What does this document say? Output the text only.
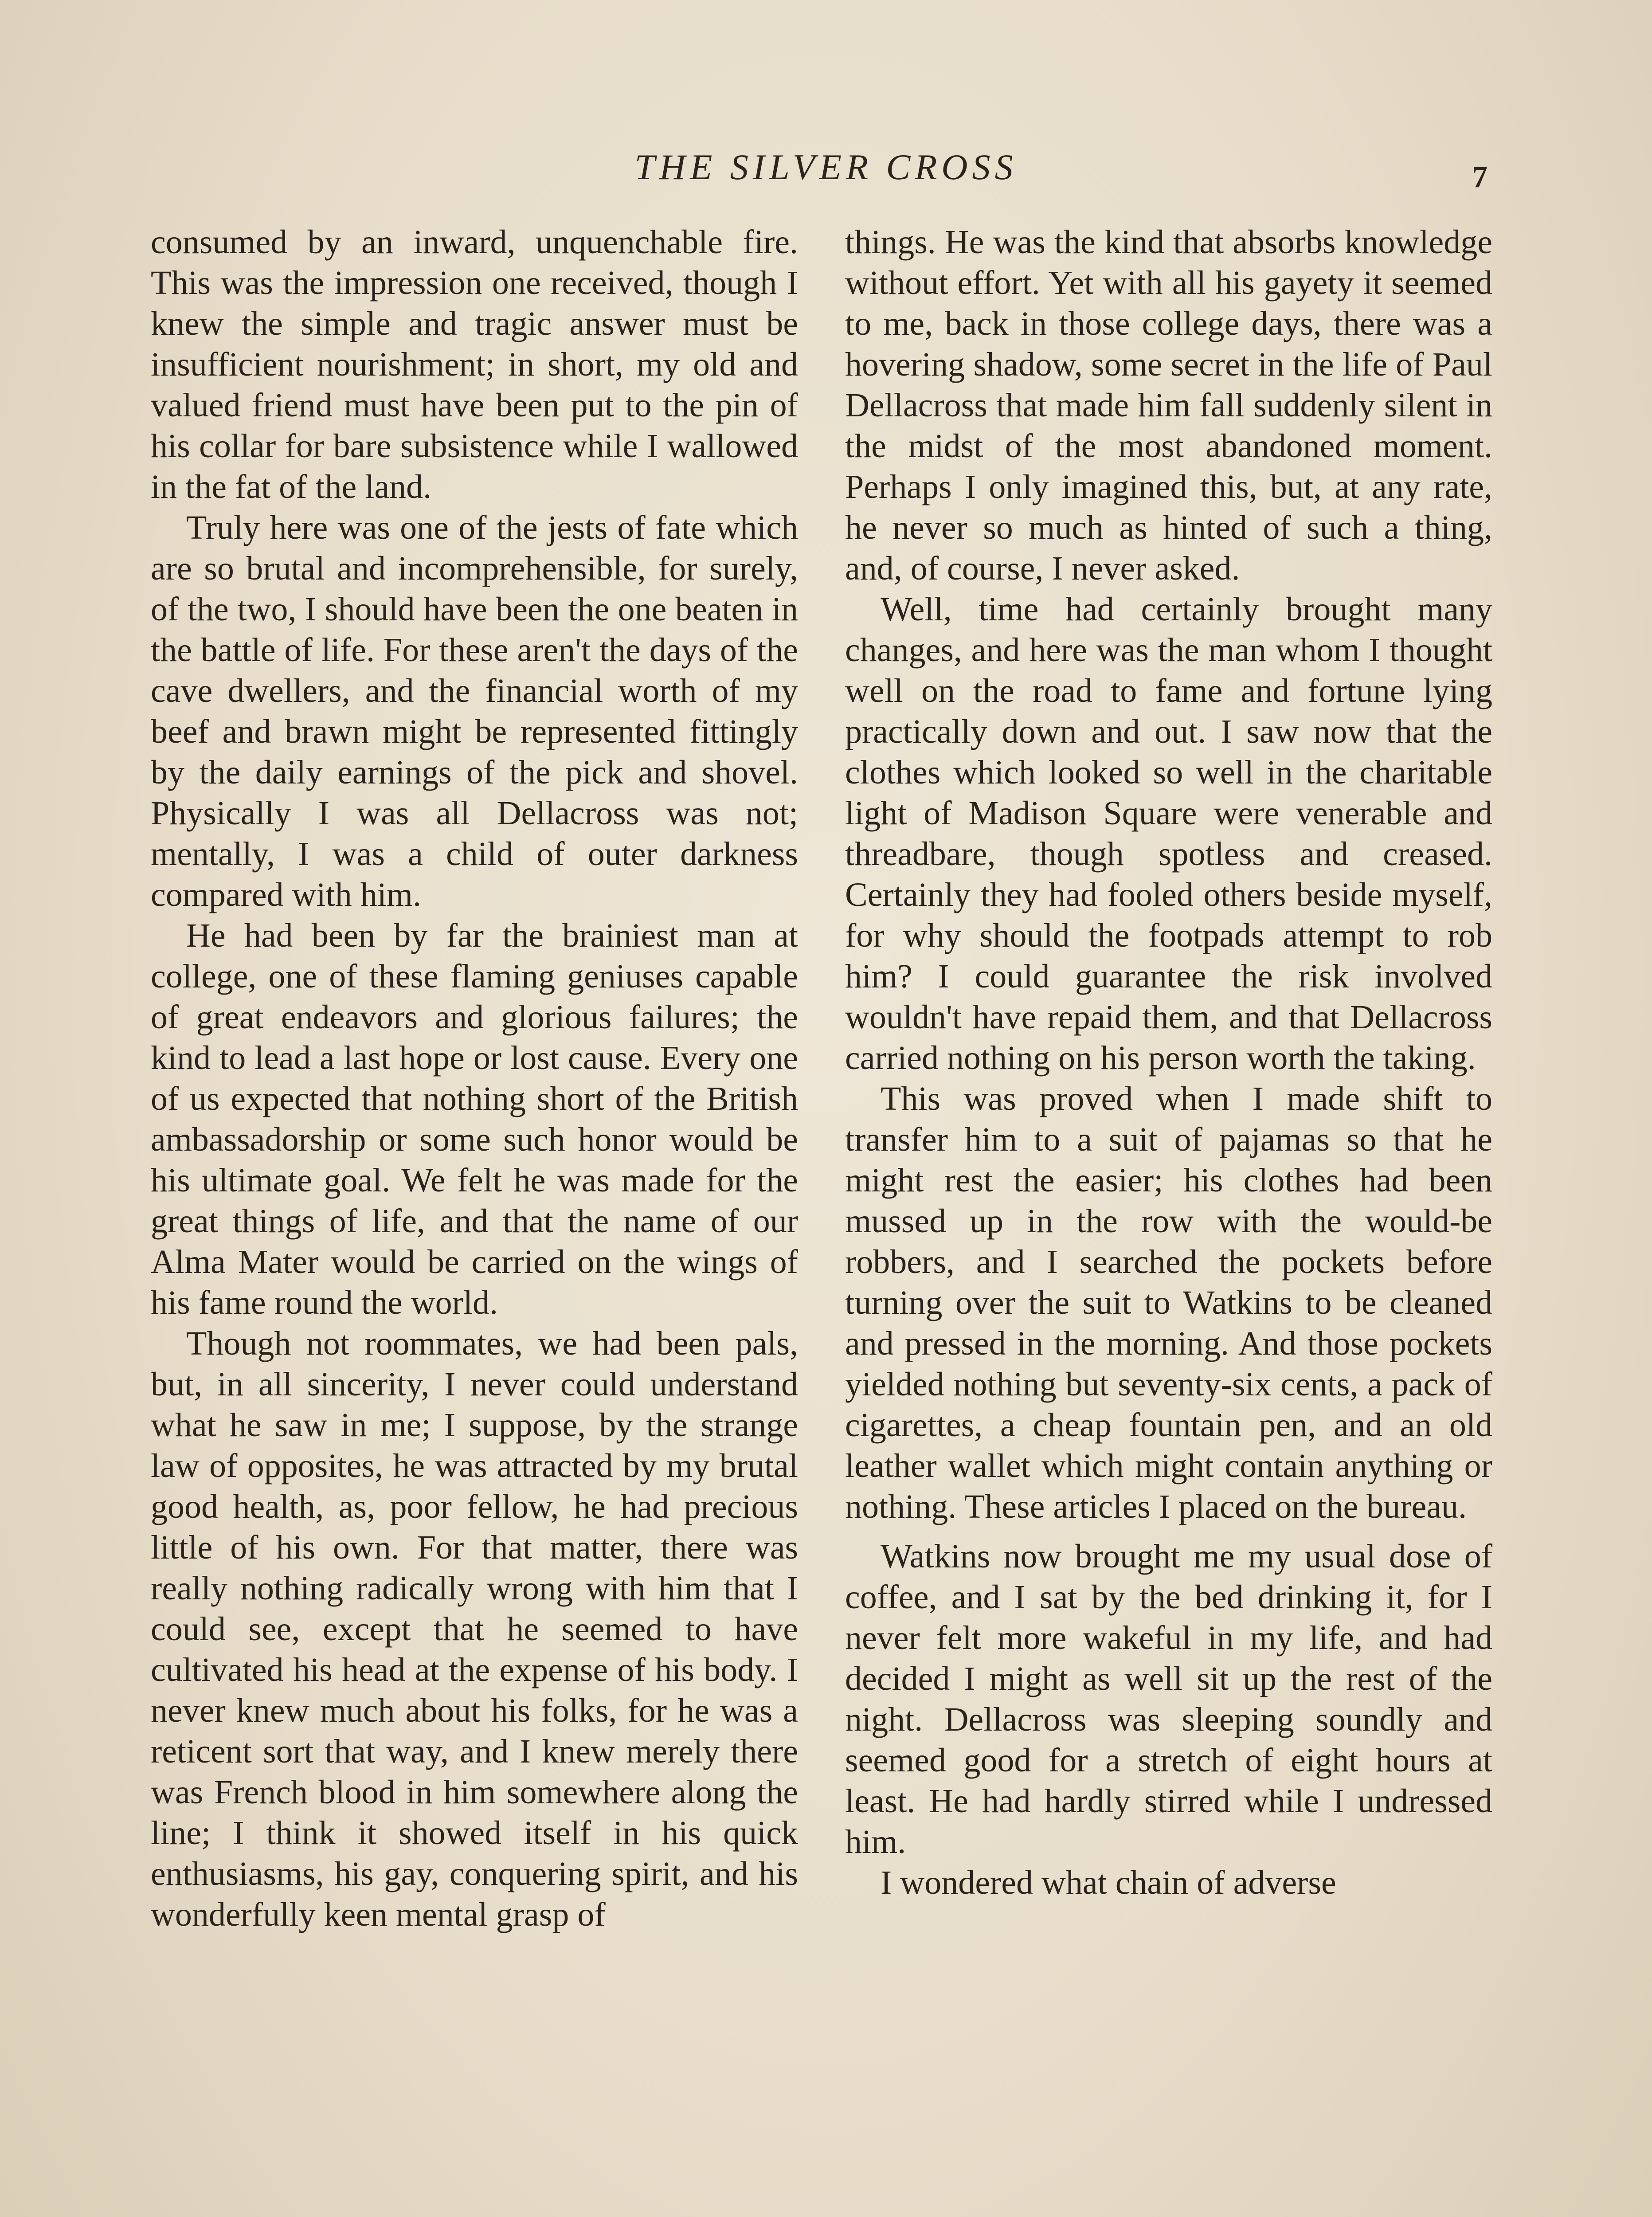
THE SILVER CROSS	7

consumed by an inward, unquenchable fire. This was the impression one received, though I knew the simple and tragic answer must be insufficient nourishment; in short, my old and valued friend must have been put to the pin of his collar for bare subsistence while I wallowed in the fat of the land.

Truly here was one of the jests of fate which are so brutal and incomprehensible, for surely, of the two, I should have been the one beaten in the battle of life. For these aren't the days of the cave dwellers, and the financial worth of my beef and brawn might be represented fittingly by the daily earnings of the pick and shovel. Physically I was all Dellacross was not; mentally, I was a child of outer darkness compared with him.

He had been by far the brainiest man at college, one of these flaming geniuses capable of great endeavors and glorious failures; the kind to lead a last hope or lost cause. Every one of us expected that nothing short of the British ambassadorship or some such honor would be his ultimate goal. We felt he was made for the great things of life, and that the name of our Alma Mater would be carried on the wings of his fame round the world.

Though not roommates, we had been pals, but, in all sincerity, I never could understand what he saw in me; I suppose, by the strange law of opposites, he was attracted by my brutal good health, as, poor fellow, he had precious little of his own. For that matter, there was really nothing radically wrong with him that I could see, except that he seemed to have cultivated his head at the expense of his body. I never knew much about his folks, for he was a reticent sort that way, and I knew merely there was French blood in him somewhere along the line; I think it showed itself in his quick enthusiasms, his gay, conquering spirit, and his wonderfully keen mental grasp of

things. He was the kind that absorbs knowledge without effort. Yet with all his gayety it seemed to me, back in those college days, there was a hovering shadow, some secret in the life of Paul Dellacross that made him fall suddenly silent in the midst of the most abandoned moment. Perhaps I only imagined this, but, at any rate, he never so much as hinted of such a thing, and, of course, I never asked.

Well, time had certainly brought many changes, and here was the man whom I thought well on the road to fame and fortune lying practically down and out. I saw now that the clothes which looked so well in the charitable light of Madison Square were venerable and threadbare, though spotless and creased. Certainly they had fooled others beside myself, for why should the footpads attempt to rob him? I could guarantee the risk involved wouldn't have repaid them, and that Dellacross carried nothing on his person worth the taking.

This was proved when I made shift to transfer him to a suit of pajamas so that he might rest the easier; his clothes had been mussed up in the row with the would-be robbers, and I searched the pockets before turning over the suit to Watkins to be cleaned and pressed in the morning. And those pockets yielded nothing but seventy-six cents, a pack of cigarettes, a cheap fountain pen, and an old leather wallet which might contain anything or nothing. These articles I placed on the bureau.

Watkins now brought me my usual dose of coffee, and I sat by the bed drinking it, for I never felt more wakeful in my life, and had decided I might as well sit up the rest of the night. Dellacross was sleeping soundly and seemed good for a stretch of eight hours at least. He had hardly stirred while I undressed him.

I wondered what chain of adverse
